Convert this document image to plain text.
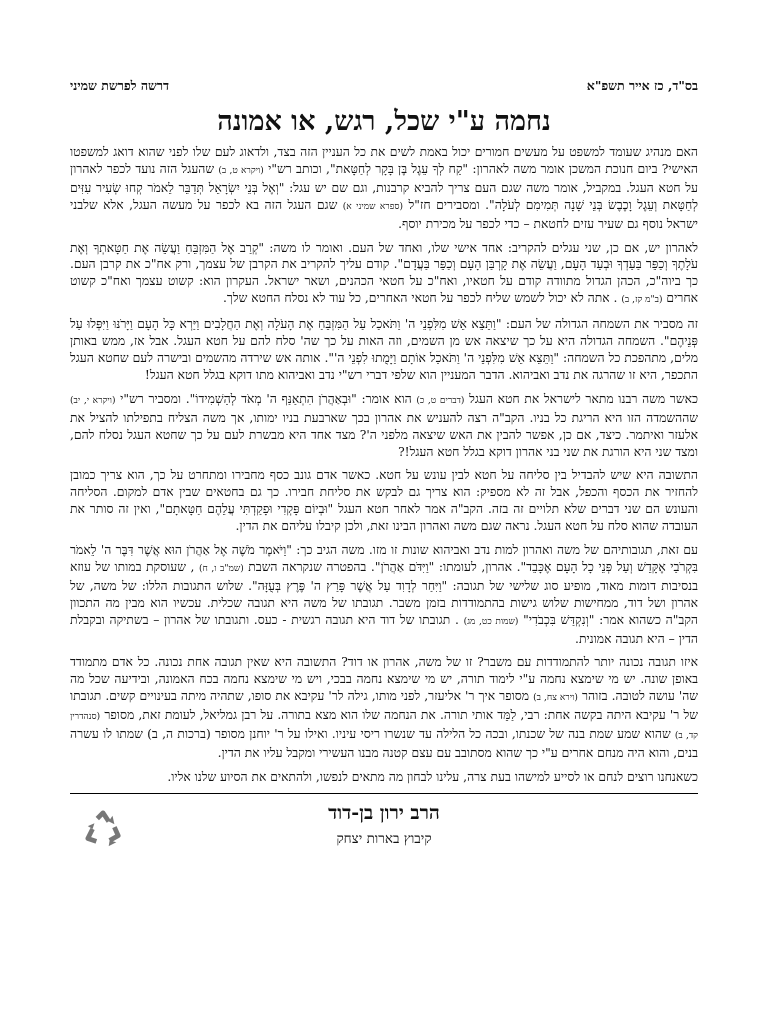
בס"ד, כז אייר תשפ"א
דרשה לפרשת שמיני
נחמה ע"י שכל, רגש, או אמונה

האם מנהיג שעומד למשפט על מעשים חמורים יכול באמת לשים את כל העניין הזה בצד, ולדאוג לעם שלו לפני שהוא דואג למשפטו האישי? ביום חנוכת המשכן אומר משה לאהרון: "קַח לְךָ עֵגֶל בֶּן בָּקָר לְחַטָּאת", וכותב רש"י (ויקרא ט, ב) שהעגל הזה נועד לכפר לאהרון על חטא העגל. במקביל, אומר משה שגם העם צריך להביא קרבנות, וגם שם יש עגל: "וְאֶל בְּנֵי יִשְׂרָאֵל תְּדַבֵּר לֵאמֹר קְחוּ שְׂעִיר עִזִּים לְחַטָּאת וְעֵגֶל וָכֶבֶשׂ בְּנֵי שָׁנָה תְּמִימִם לְעֹלָה". ומסבירים חז"ל (ספרא שמיני א) שגם העגל הזה בא לכפר על מעשה העגל, אלא שלבני ישראל נוסף גם שעיר עזים לחטאת – כדי לכפר על מכירת יוסף.

לאהרון יש, אם כן, שני עגלים להקריב: אחד אישי שלו, ואחד של העם. ואומר לו משה: "קְרַב אֶל הַמִּזְבֵּחַ וַעֲשֵׂה אֶת חַטָּאתְךָ וְאֶת עֹלָתֶךָ וְכַפֵּר בַּעַדְךָ וּבְעַד הָעָם, וַעֲשֵׂה אֶת קָרְבַּן הָעָם וְכַפֵּר בַּעֲדָם". קודם עליך להקריב את הקרבן של עצמך, ורק אח"כ את קרבן העם. כך ביוה"כ, הכהן הגדול מתוודה קודם על חטאיו, ואח"כ על חטאי הכהנים, ושאר ישראל. העקרון הוא: קשוט עצמך ואח"כ קשוט אחרים (ב"מ קז, ב) . אתה לא יכול לשמש שליח לכפר על חטאי האחרים, כל עוד לא נסלח החטא שלך.

זה מסביר את השמחה הגדולה של העם: "וַתֵּצֵא אֵשׁ מִלִּפְנֵי ה' וַתֹּאכַל עַל הַמִּזְבֵּחַ אֶת הָעֹלָה וְאֶת הַחֲלָבִים וַיַּרְא כָּל הָעָם וַיָּרֹנּוּ וַיִּפְּלוּ עַל פְּנֵיהֶם". השמחה הגדולה היא על כך שיצאה אש מן השמים, וזה האות על כך שה' סלח להם על חטא העגל. אבל אז, ממש באותן מלים, מתהפכת כל השמחה: "וַתֵּצֵא אֵשׁ מִלִּפְנֵי ה' וַתֹּאכַל אוֹתָם וַיָּמֻתוּ לִפְנֵי ה'". אותה אש שירדה מהשמים ובישרה לעם שחטא העגל התכפר, היא זו שהרגה את נדב ואביהוא. הדבר המעניין הוא שלפי דברי רש"י נדב ואביהוא מתו דוקא בגלל חטא העגל!

כאשר משה רבנו מתאר לישראל את חטא העגל (דברים ט, כ) הוא אומר: "וּבְאַהֲרֹן הִתְאַנַּף ה' מְאֹד לְהַשְׁמִידוֹ". ומסביר רש"י (ויקרא י, יב) שההשמדה הזו היא הריגת כל בניו. הקב"ה רצה להעניש את אהרון בכך שארבעת בניו ימותו, אך משה הצליח בתפילתו להציל את אלעזר ואיתמר. כיצד, אם כן, אפשר להבין את האש שיצאה מלפני ה'? מצד אחד היא מבשרת לעם על כך שחטא העגל נסלח להם, ומצד שני היא הורגת את שני בני אהרון דוקא בגלל חטא העגל!?

התשובה היא שיש להבדיל בין סליחה על חטא לבין עונש על חטא. כאשר אדם גונב כסף מחבירו ומתחרט על כך, הוא צריך כמובן להחזיר את הכסף והכפל, אבל זה לא מספיק: הוא צריך גם לבקש את סליחת חבירו. כך גם בחטאים שבין אדם למקום. הסליחה והעונש הם שני דברים שלא תלויים זה בזה. הקב"ה אמר לאחר חטא העגל "וּבְיוֹם פָּקְדִי וּפָקַדְתִּי עֲלֵהֶם חַטָּאתָם", ואין זה סותר את העובדה שהוא סלח על חטא העגל. נראה שגם משה ואהרון הבינו זאת, ולכן קיבלו עליהם את הדין.

עם זאת, תגובותיהם של משה ואהרון למות נדב ואביהוא שונות זו מזו. משה הגיב כך: "וַיֹּאמֶר מֹשֶׁה אֶל אַהֲרֹן הוּא אֲשֶׁר דִּבֶּר ה' לֵאמֹר בִּקְרֹבַי אֶקָּדֵשׁ וְעַל פְּנֵי כָל הָעָם אֶכָּבֵד". אהרון, לעומתו: "וַיִּדֹּם אַהֲרֹן". בהפטרה שנקראה השבת (שמ"ב ו, ח) , שעוסקת במותו של עוזא בנסיבות דומות מאוד, מופיע סוג שלישי של תגובה: "וַיִּחַר לְדָוִד עַל אֲשֶׁר פָּרַץ ה' פֶּרֶץ בְּעֻזָּה". שלוש התגובות הללו: של משה, של אהרון ושל דוד, ממחישות שלוש גישות בהתמודדות בזמן משבר. תגובתו של משה היא תגובה שכלית. עכשיו הוא מבין מה התכוון הקב"ה כשהוא אמר: "וְנִקְדַּשׁ בִּכְבֹדִי" (שמות כט, מג) . תגובתו של דוד היא תגובה רגשית - כעס. ותגובתו של אהרון – בשתיקה ובקבלת הדין – היא תגובה אמונית.

איזו תגובה נכונה יותר להתמודדות עם משבר? זו של משה, אהרון או דוד? התשובה היא שאין תגובה אחת נכונה. כל אדם מתמודד באופן שונה. יש מי שימצא נחמה ע"י לימוד תורה, יש מי שימצא נחמה בבכי, ויש מי שימצא נחמה בכח האמונה, ובידיעה שכל מה שה' עושה לטובה. בזוהר (וירא צח, ב) מסופר איך ר' אליעזר, לפני מותו, גילה לר' עקיבא את סופו, שתהיה מיתה בעינויים קשים. תגובתו של ר' עקיבא היתה בקשה אחת: רבי, לַמֵּד אותי תורה. את הנחמה שלו הוא מצא בתורה. על רבן גמליאל, לעומת זאת, מסופר (סנהדרין קד, ב) שהוא שמע שמת בנה של שכנתו, ובכה כל הלילה עד שנשרו ריסי עיניו. ואילו על ר' יוחנן מסופר (ברכות ה, ב) שמתו לו עשרה בנים, והוא היה מנחם אחרים ע"י כך שהוא מסתובב עם עצם קטנה מבנו העשירי ומקבל עליו את הדין.

כשאנחנו רוצים לנחם או לסייע למישהו בעת צרה, עלינו לבחון מה מתאים לנפשו, ולהתאים את הסיוע שלנו אליו.

הרב ירון בן-דוד
קיבוץ בארות יצחק
